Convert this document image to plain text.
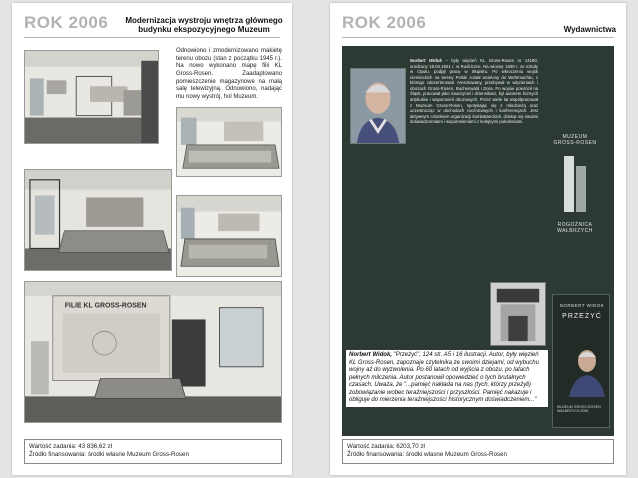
ROK 2006 Modernizacja wystroju wnętrza głównego budynku ekspozycyjnego Muzeum
Odnowiono i zmodernizowano makietę terenu obozu (stan z początku 1945 r.). Na nowo wykonano mapę filii KL Gross-Rosen. Zaadaptowano pomieszczenie magazynowe na małą salę telewizyjną. Odnowiono, nadając mu nowy wystrój, hol Muzeum.
FILIE KL GROSS-ROSEN
Wartość zadania: 43 836,62 zł
Źródło finansowania: środki własne Muzeum Gross-Rosen
ROK 2006	Wydawnictwa
Norbert Widok – były więzień KL Gross-Rosen nr 14190, urodzony 18.04.1921 r. w Rudziczce. Na wiosnę 1939 r. ze szkoły w Opolu, podjął pracę w Słupsku. Po wkroczeniu wojsk niemieckich na tereny Polski został wcielony do Wehrmachtu, z którego zdezerterował. Aresztowany, przebywał w więzieniach i obozach Gross-Rosen, Buchenwald i Dora. Po wojnie powrócił na Śląsk, pracował jako nauczyciel i dziennikarz, był autorem licznych artykułów i wspomnień obozowych. Przez wiele lat współpracował z Muzeum Gross-Rosen, spotykając się z młodzieżą oraz uczestnicząc w obchodach rocznicowych i konferencjach. Jest aktywnym członkiem organizacji kombatanckich, dzieląc się swoimi doświadczeniami i wspomnieniami z kolejnymi pokoleniami.
MUZEUM
GROSS-ROSEN
ROGOŹNICA
WAŁBRZYCH
NORBERT WIDOK
PRZEŻYĆ
MUZEUM GROSS-ROSEN WAŁBRZYCH 2006
Norbert Widok, "Przeżyć", 124 str. A5 i 16 ilustracji. Autor, były więzień KL Gross-Rosen, zapoznaje czytelnika ze swoimi dziejami, od wybuchu wojny aż do wyzwolenia. Po 60 latach od wyjścia z obozu, po latach pełnych milczenia. Autor postanowił opowiedzieć o tych brutalnych czasach. Uważa, że "...pamięć nakłada na nas (tych, którzy przeżyli) zobowiązanie wobec teraźniejszości i przyszłości. Pamięć nakazuje i obliguje do mierzenia teraźniejszości historycznym doświadczeniem..."
Wartość zadania: 6203,70 zł
Źródło finansowania: środki własne Muzeum Gross-Rosen
